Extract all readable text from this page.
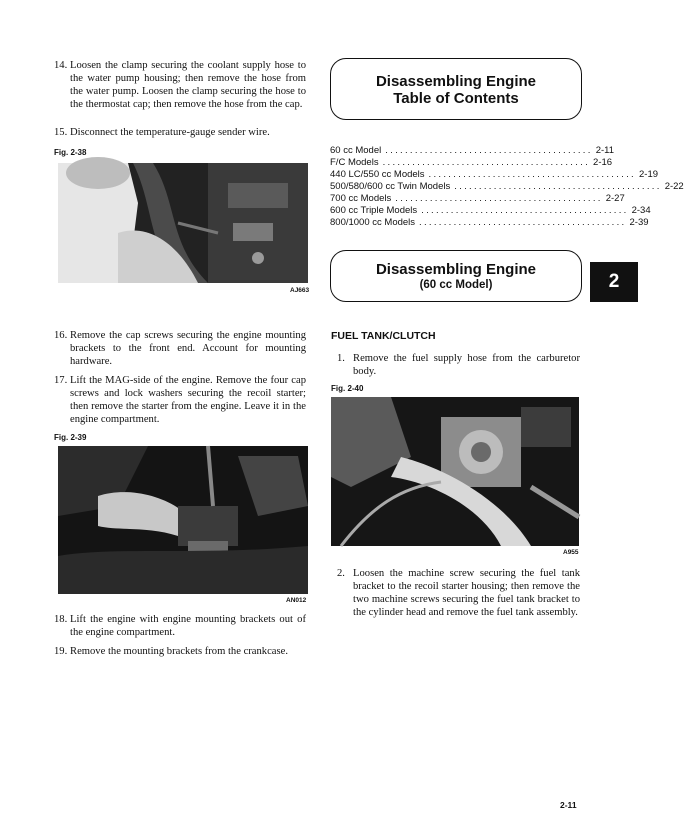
14. Loosen the clamp securing the coolant supply hose to the water pump housing; then remove the hose from the water pump. Loosen the clamp securing the hose to the thermostat cap; then remove the hose from the cap.
15. Disconnect the temperature-gauge sender wire.
Fig. 2-38
AJ663
16. Remove the cap screws securing the engine mounting brackets to the front end. Account for mounting hardware.
17. Lift the MAG-side of the engine. Remove the four cap screws and lock washers securing the recoil starter; then remove the starter from the engine. Leave it in the engine compartment.
Fig. 2-39
AN012
18. Lift the engine with engine mounting brackets out of the engine compartment.
19. Remove the mounting brackets from the crankcase.
Disassembling Engine
Table of Contents
60 cc Model .......................................... 2-11
F/C Models .......................................... 2-16
440 LC/550 cc Models .......................................... 2-19
500/580/600 cc Twin Models .......................................... 2-22
700 cc Models .......................................... 2-27
600 cc Triple Models .......................................... 2-34
800/1000 cc Models .......................................... 2-39
Disassembling Engine
(60 cc Model)	2
FUEL TANK/CLUTCH
1. Remove the fuel supply hose from the carburetor body.
Fig. 2-40
A955
2. Loosen the machine screw securing the fuel tank bracket to the recoil starter housing; then remove the two machine screws securing the fuel tank bracket to the cylinder head and remove the fuel tank assembly.
2-11
